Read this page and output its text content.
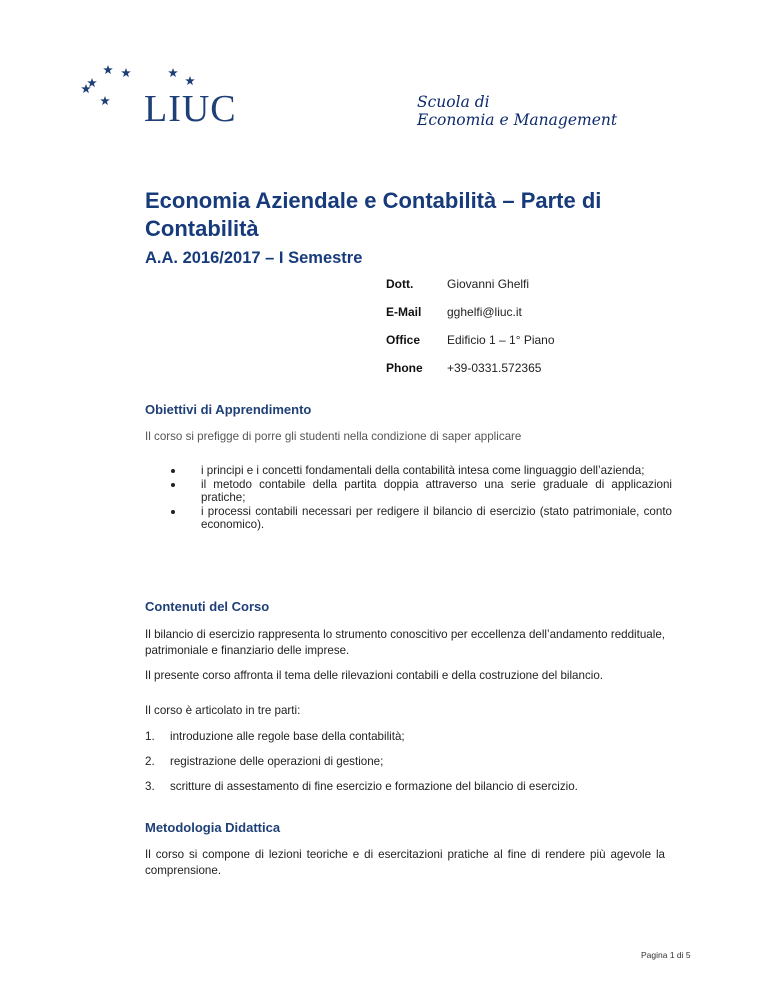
LIUC	Scuola di
Economia e Management
Economia Aziendale e Contabilità – Parte di Contabilità
A.A. 2016/2017 – I Semestre
Dott.	Giovanni Ghelfi
E-Mail	gghelfi@liuc.it
Office	Edificio 1 – 1° Piano
Phone	+39-0331.572365
Obiettivi di Apprendimento

Il corso si prefigge di porre gli studenti nella condizione di saper applicare

i principi e i concetti fondamentali della contabilità intesa come linguaggio dell’azienda;
il metodo contabile della partita doppia attraverso una serie graduale di applicazioni pratiche;
i processi contabili necessari per redigere il bilancio di esercizio (stato patrimoniale, conto economico).
Contenuti del Corso

Il bilancio di esercizio rappresenta lo strumento conoscitivo per eccellenza dell’andamento reddituale, patrimoniale e finanziario delle imprese.

Il presente corso affronta il tema delle rilevazioni contabili e della costruzione del bilancio.

Il corso è articolato in tre parti:

1. introduzione alle regole base della contabilità;
2. registrazione delle operazioni di gestione;
3. scritture di assestamento di fine esercizio e formazione del bilancio di esercizio.
Metodologia Didattica

Il corso si compone di lezioni teoriche e di esercitazioni pratiche al fine di rendere più agevole la comprensione.

Pagina 1 di 5
